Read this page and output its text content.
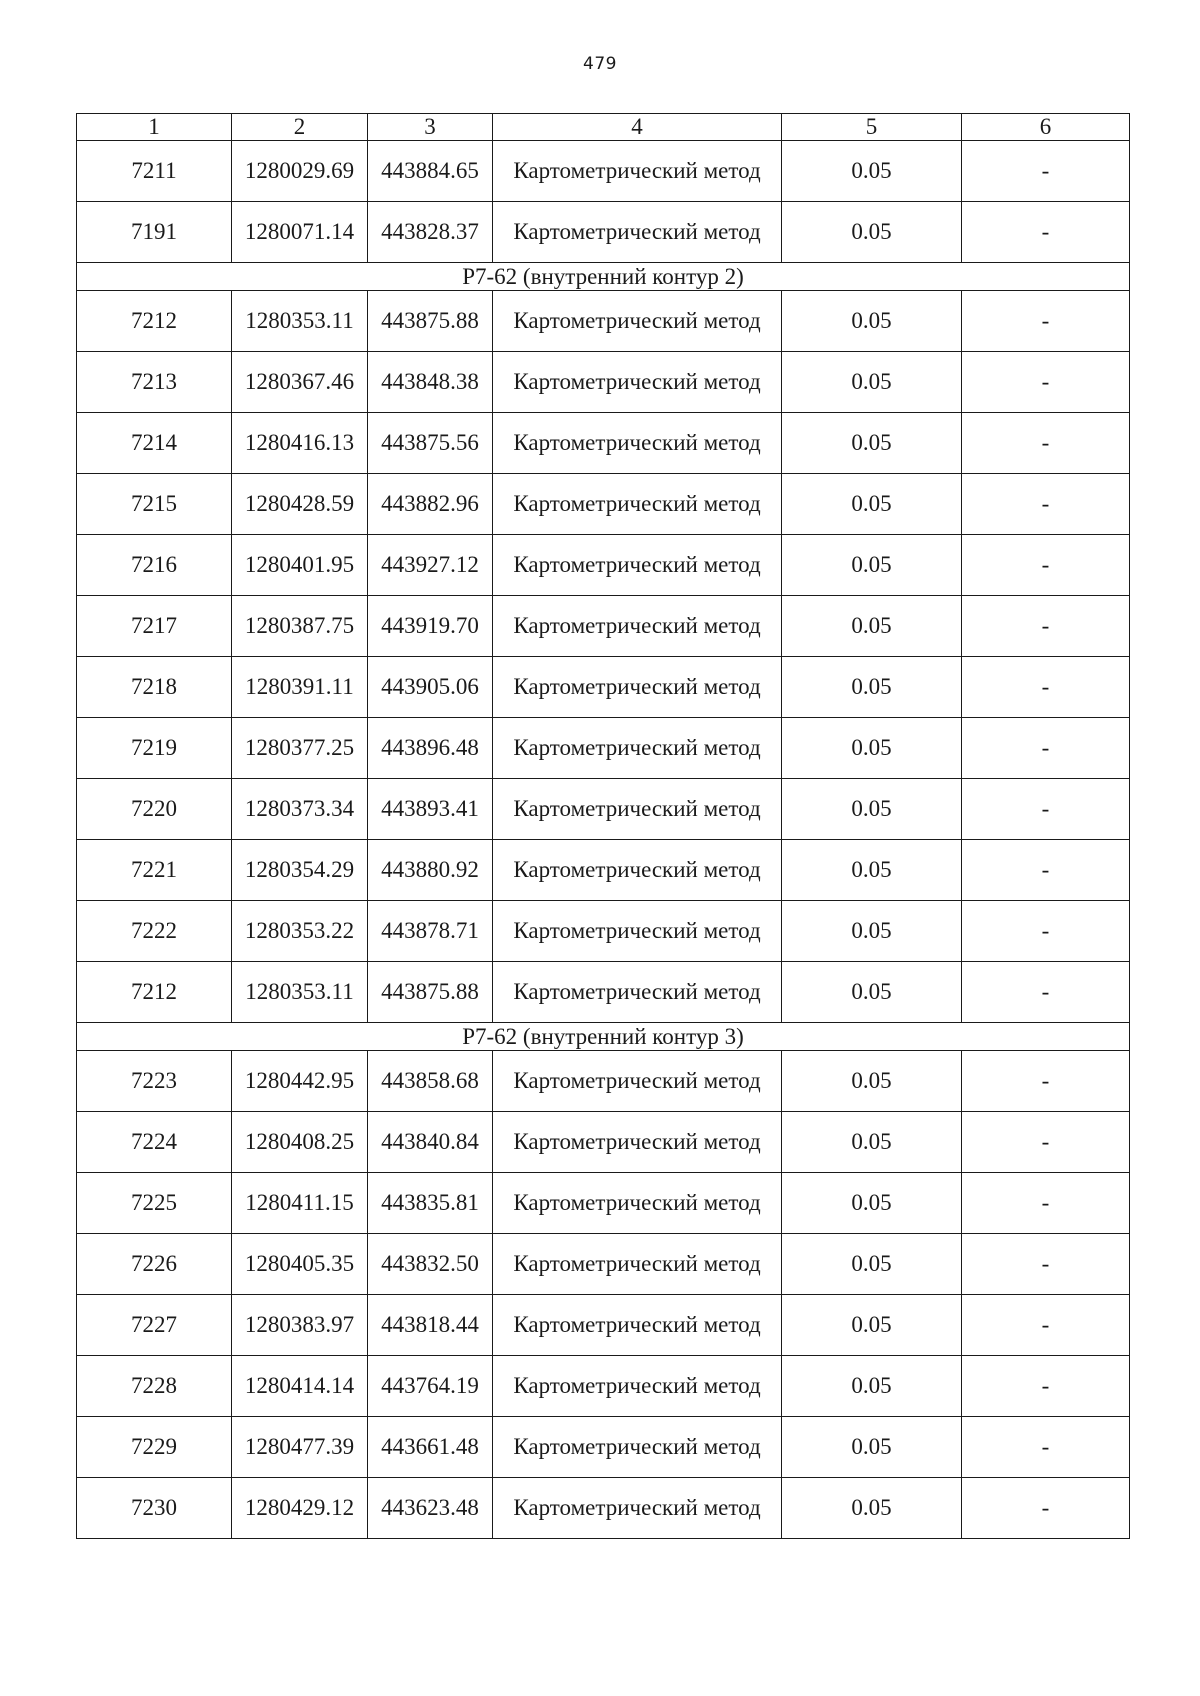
479
1	2	3	4	5	6
7211	1280029.69	443884.65	Картометрический метод	0.05	-
7191	1280071.14	443828.37	Картометрический метод	0.05	-
Р7-62 (внутренний контур 2)					
7212	1280353.11	443875.88	Картометрический метод	0.05	-
7213	1280367.46	443848.38	Картометрический метод	0.05	-
7214	1280416.13	443875.56	Картометрический метод	0.05	-
7215	1280428.59	443882.96	Картометрический метод	0.05	-
7216	1280401.95	443927.12	Картометрический метод	0.05	-
7217	1280387.75	443919.70	Картометрический метод	0.05	-
7218	1280391.11	443905.06	Картометрический метод	0.05	-
7219	1280377.25	443896.48	Картометрический метод	0.05	-
7220	1280373.34	443893.41	Картометрический метод	0.05	-
7221	1280354.29	443880.92	Картометрический метод	0.05	-
7222	1280353.22	443878.71	Картометрический метод	0.05	-
7212	1280353.11	443875.88	Картометрический метод	0.05	-
Р7-62 (внутренний контур 3)					
7223	1280442.95	443858.68	Картометрический метод	0.05	-
7224	1280408.25	443840.84	Картометрический метод	0.05	-
7225	1280411.15	443835.81	Картометрический метод	0.05	-
7226	1280405.35	443832.50	Картометрический метод	0.05	-
7227	1280383.97	443818.44	Картометрический метод	0.05	-
7228	1280414.14	443764.19	Картометрический метод	0.05	-
7229	1280477.39	443661.48	Картометрический метод	0.05	-
7230	1280429.12	443623.48	Картометрический метод	0.05	-
